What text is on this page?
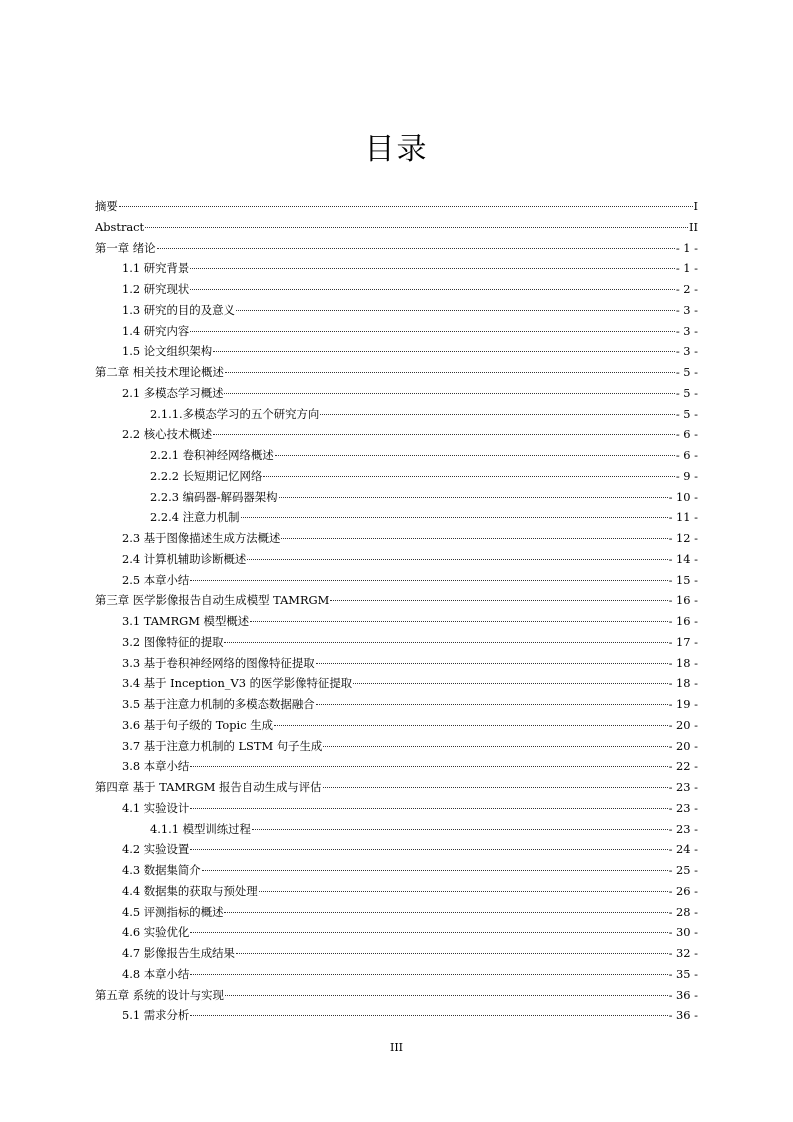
目录
摘要	I
Abstract	II
第一章 绪论	- 1 -
1.1 研究背景	- 1 -
1.2 研究现状	- 2 -
1.3 研究的目的及意义	- 3 -
1.4 研究内容	- 3 -
1.5 论文组织架构	- 3 -
第二章 相关技术理论概述	- 5 -
2.1 多模态学习概述	- 5 -
2.1.1.多模态学习的五个研究方向	- 5 -
2.2 核心技术概述	- 6 -
2.2.1 卷积神经网络概述	- 6 -
2.2.2 长短期记忆网络	- 9 -
2.2.3 编码器-解码器架构	- 10 -
2.2.4 注意力机制	- 11 -
2.3 基于图像描述生成方法概述	- 12 -
2.4 计算机辅助诊断概述	- 14 -
2.5 本章小结	- 15 -
第三章 医学影像报告自动生成模型 TAMRGM	- 16 -
3.1 TAMRGM 模型概述	- 16 -
3.2 图像特征的提取	- 17 -
3.3 基于卷积神经网络的图像特征提取	- 18 -
3.4 基于 Inception_V3 的医学影像特征提取	- 18 -
3.5 基于注意力机制的多模态数据融合	- 19 -
3.6 基于句子级的 Topic 生成	- 20 -
3.7 基于注意力机制的 LSTM 句子生成	- 20 -
3.8 本章小结	- 22 -
第四章 基于 TAMRGM 报告自动生成与评估	- 23 -
4.1 实验设计	- 23 -
4.1.1 模型训练过程	- 23 -
4.2 实验设置	- 24 -
4.3 数据集简介	- 25 -
4.4 数据集的获取与预处理	- 26 -
4.5 评测指标的概述	- 28 -
4.6 实验优化	- 30 -
4.7 影像报告生成结果	- 32 -
4.8 本章小结	- 35 -
第五章 系统的设计与实现	- 36 -
5.1 需求分析	- 36 -
III
